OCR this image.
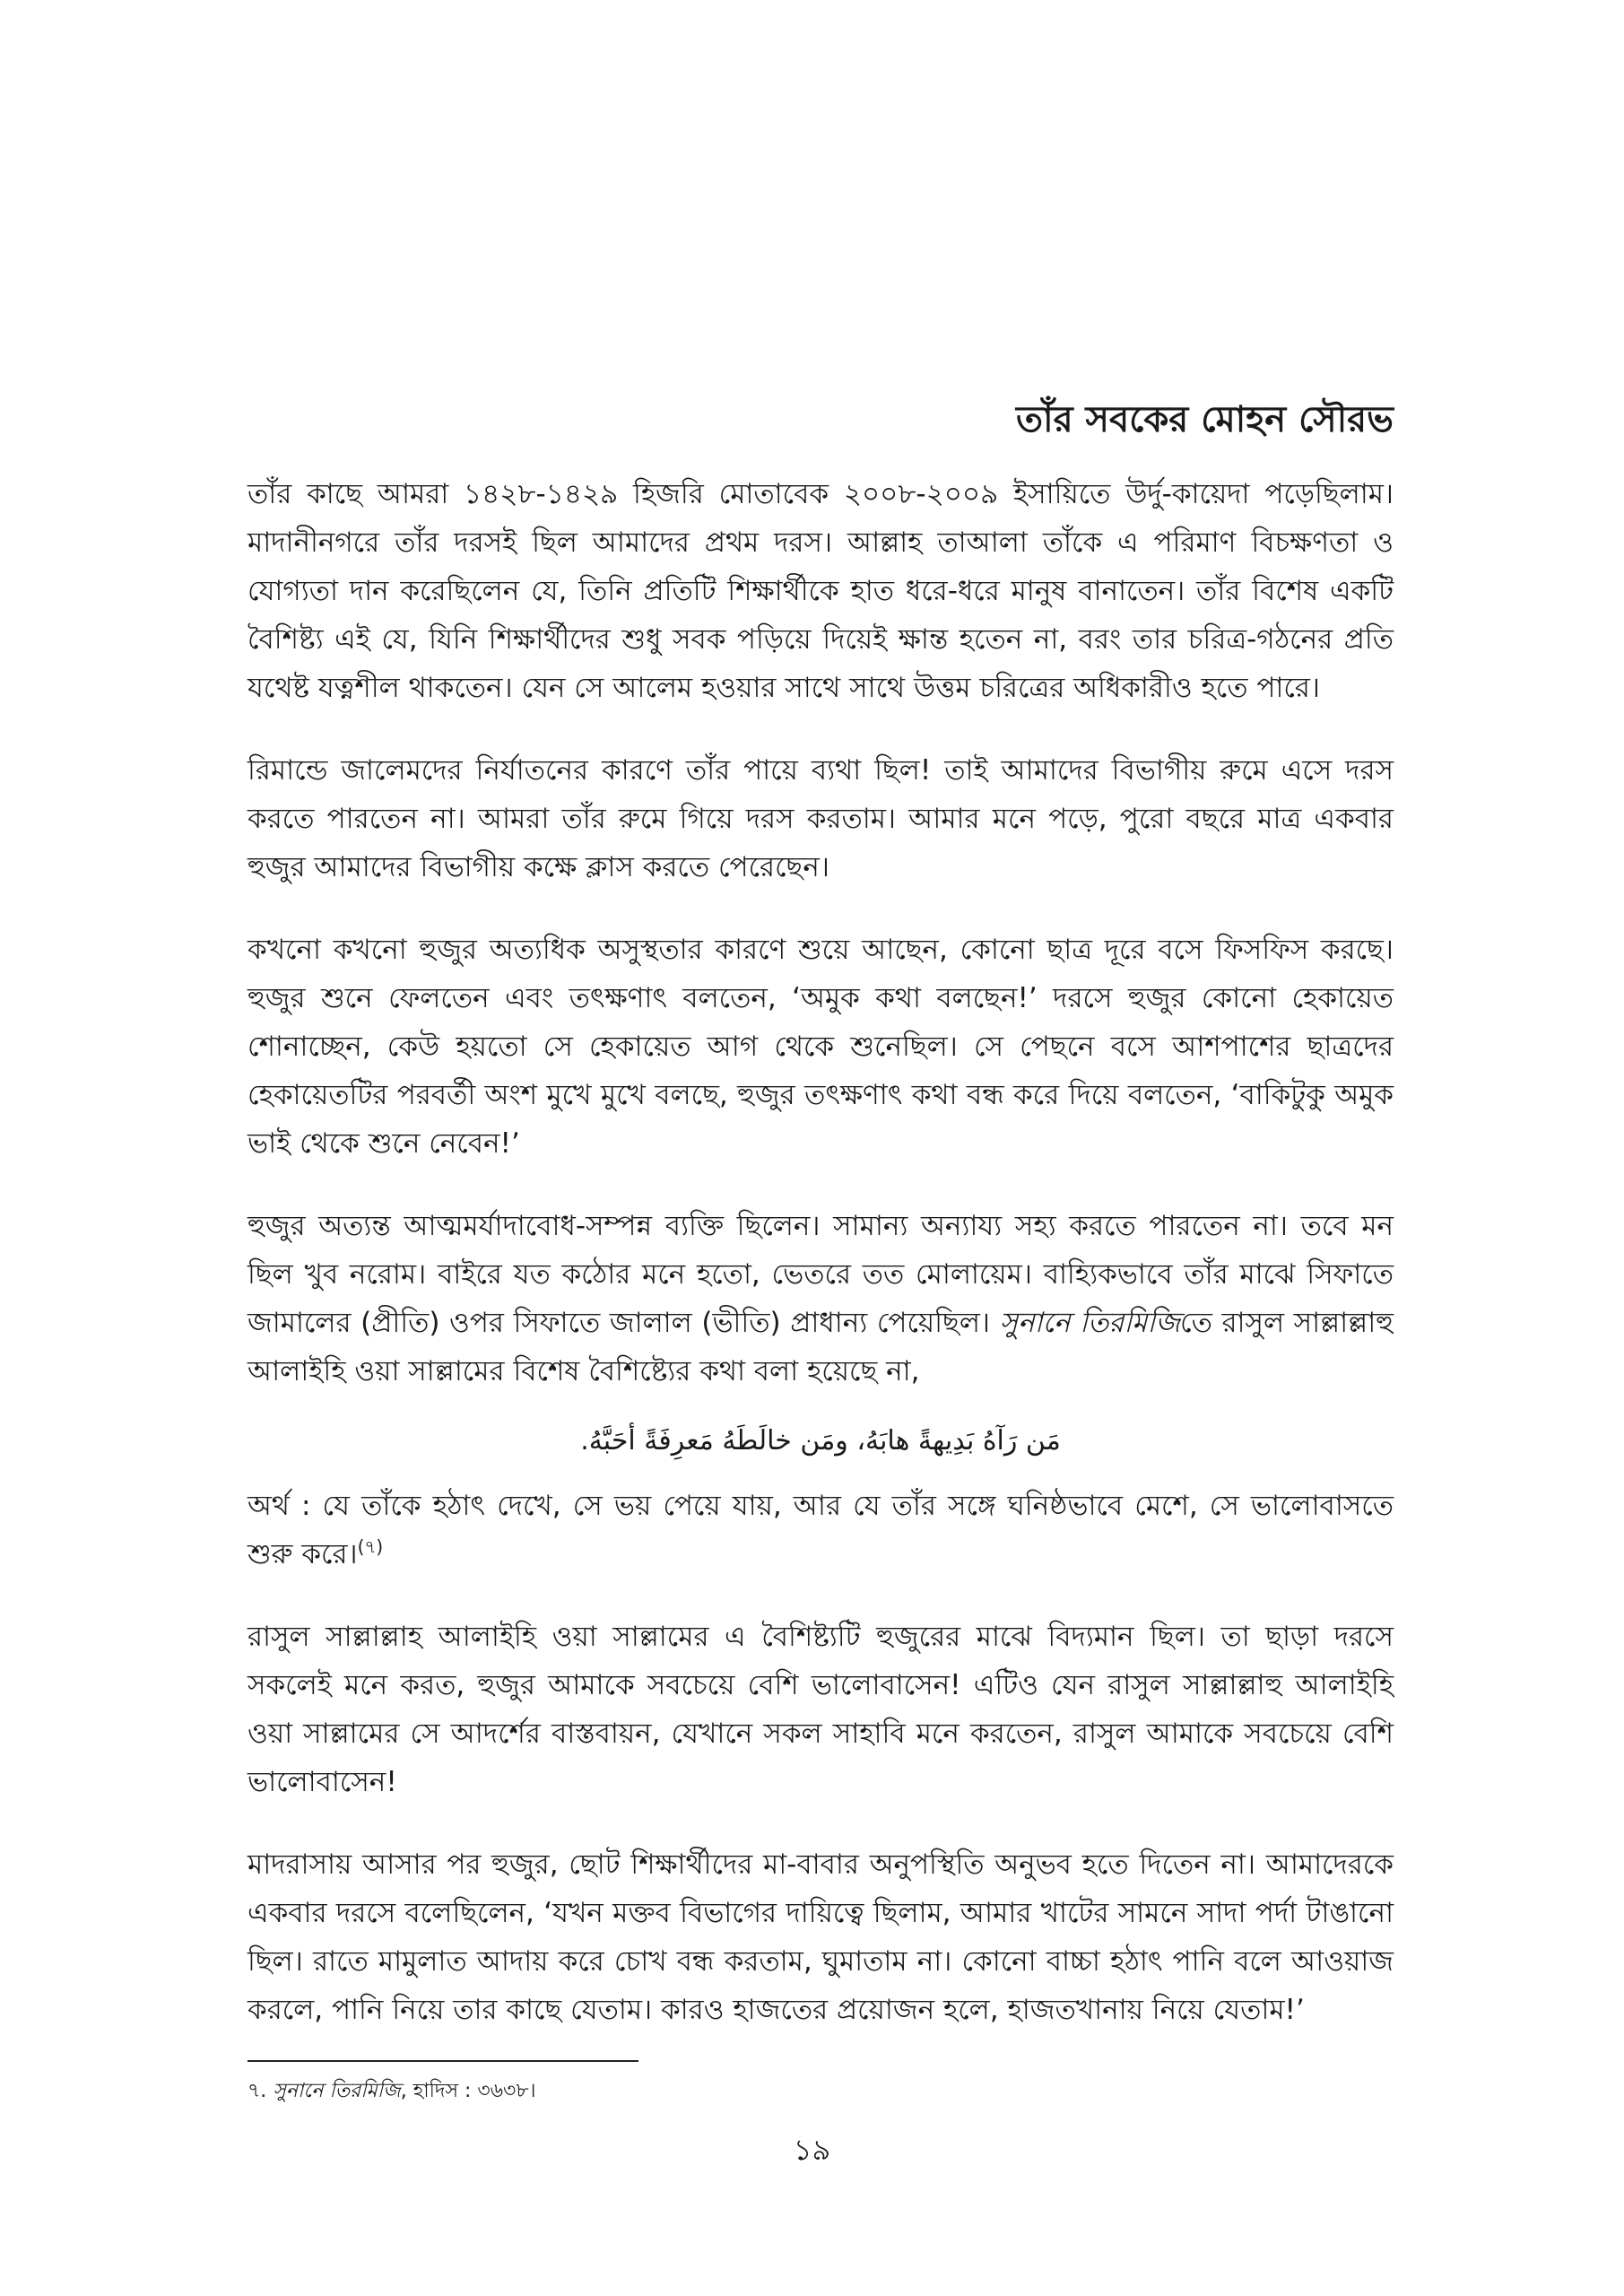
তাঁর সবকের মোহন সৌরভ

তাঁর কাছে আমরা ১৪২৮-১৪২৯ হিজরি মোতাবেক ২০০৮-২০০৯ ইসায়িতে উর্দু-কায়েদা পড়েছিলাম। মাদানীনগরে তাঁর দরসই ছিল আমাদের প্রথম দরস। আল্লাহ তাআলা তাঁকে এ পরিমাণ বিচক্ষণতা ও যোগ্যতা দান করেছিলেন যে, তিনি প্রতিটি শিক্ষার্থীকে হাত ধরে-ধরে মানুষ বানাতেন। তাঁর বিশেষ একটি বৈশিষ্ট্য এই যে, যিনি শিক্ষার্থীদের শুধু সবক পড়িয়ে দিয়েই ক্ষান্ত হতেন না, বরং তার চরিত্র-গঠনের প্রতি যথেষ্ট যত্নশীল থাকতেন। যেন সে আলেম হওয়ার সাথে সাথে উত্তম চরিত্রের অধিকারীও হতে পারে।

রিমান্ডে জালেমদের নির্যাতনের কারণে তাঁর পায়ে ব্যথা ছিল! তাই আমাদের বিভাগীয় রুমে এসে দরস করতে পারতেন না। আমরা তাঁর রুমে গিয়ে দরস করতাম। আমার মনে পড়ে, পুরো বছরে মাত্র একবার হুজুর আমাদের বিভাগীয় কক্ষে ক্লাস করতে পেরেছেন।

কখনো কখনো হুজুর অত্যধিক অসুস্থতার কারণে শুয়ে আছেন, কোনো ছাত্র দূরে বসে ফিসফিস করছে। হুজুর শুনে ফেলতেন এবং তৎক্ষণাৎ বলতেন, ‘অমুক কথা বলছেন!’ দরসে হুজুর কোনো হেকায়েত শোনাচ্ছেন, কেউ হয়তো সে হেকায়েত আগ থেকে শুনেছিল। সে পেছনে বসে আশপাশের ছাত্রদের হেকায়েতটির পরবর্তী অংশ মুখে মুখে বলছে, হুজুর তৎক্ষণাৎ কথা বন্ধ করে দিয়ে বলতেন, ‘বাকিটুকু অমুক ভাই থেকে শুনে নেবেন!’

হুজুর অত্যন্ত আত্মমর্যাদাবোধ-সম্পন্ন ব্যক্তি ছিলেন। সামান্য অন্যায্য সহ্য করতে পারতেন না। তবে মন ছিল খুব নরোম। বাইরে যত কঠোর মনে হতো, ভেতরে তত মোলায়েম। বাহ্যিকভাবে তাঁর মাঝে সিফাতে জামালের (প্রীতি) ওপর সিফাতে জালাল (ভীতি) প্রাধান্য পেয়েছিল। সুনানে তিরমিজিতে রাসুল সাল্লাল্লাহু আলাইহি ওয়া সাল্লামের বিশেষ বৈশিষ্ট্যের কথা বলা হয়েছে না,

مَن رَآهُ بَدِيهةً هابَهُ، ومَن خالَطَهُ مَعرِفَةً أحَبَّهُ.

অর্থ : যে তাঁকে হঠাৎ দেখে, সে ভয় পেয়ে যায়, আর যে তাঁর সঙ্গে ঘনিষ্ঠভাবে মেশে, সে ভালোবাসতে শুরু করে।$^{(৭)}$

রাসুল সাল্লাল্লাহ আলাইহি ওয়া সাল্লামের এ বৈশিষ্ট্যটি হুজুরের মাঝে বিদ্যমান ছিল। তা ছাড়া দরসে সকলেই মনে করত, হুজুর আমাকে সবচেয়ে বেশি ভালোবাসেন! এটিও যেন রাসুল সাল্লাল্লাহু আলাইহি ওয়া সাল্লামের সে আদর্শের বাস্তবায়ন, যেখানে সকল সাহাবি মনে করতেন, রাসুল আমাকে সবচেয়ে বেশি ভালোবাসেন!

মাদরাসায় আসার পর হুজুর, ছোট শিক্ষার্থীদের মা-বাবার অনুপস্থিতি অনুভব হতে দিতেন না। আমাদেরকে একবার দরসে বলেছিলেন, ‘যখন মক্তব বিভাগের দায়িত্বে ছিলাম, আমার খাটের সামনে সাদা পর্দা টাঙানো ছিল। রাতে মামুলাত আদায় করে চোখ বন্ধ করতাম, ঘুমাতাম না। কোনো বাচ্চা হঠাৎ পানি বলে আওয়াজ করলে, পানি নিয়ে তার কাছে যেতাম। কারও হাজতের প্রয়োজন হলে, হাজতখানায় নিয়ে যেতাম!’

৭. সুনানে তিরমিজি, হাদিস : ৩৬৩৮।
১৯
